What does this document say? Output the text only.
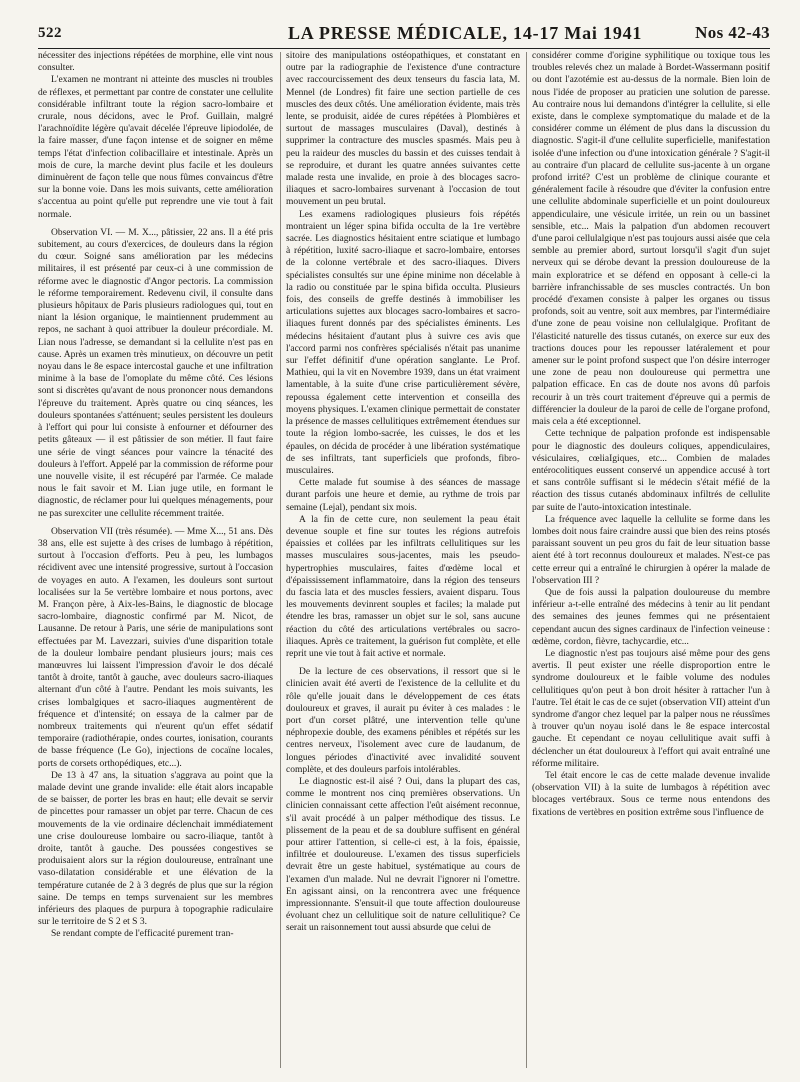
522	LA PRESSE MÉDICALE, 14-17 Mai 1941	Nos 42-43

nécessiter des injections répétées de morphine, elle vint nous consulter.

L'examen ne montrant ni atteinte des muscles ni troubles de réflexes, et permettant par contre de constater une cellulite considérable infiltrant toute la région sacro-lombaire et crurale, nous décidons, avec le Prof. Guillain, malgré l'arachnoïdite légère qu'avait décelée l'épreuve lipiodolée, de la faire masser, d'une façon intense et de soigner en même temps l'état d'infection colibacillaire et intestinale. Après un mois de cure, la marche devint plus facile et les douleurs diminuèrent de façon telle que nous fûmes convaincus d'être sur la bonne voie. Dans les mois suivants, cette amélioration s'accentua au point qu'elle put reprendre une vie tout à fait normale.

Observation VI. — M. X..., pâtissier, 22 ans. Il a été pris subitement, au cours d'exercices, de douleurs dans la région du cœur. Soigné sans amélioration par les médecins militaires, il est présenté par ceux-ci à une commission de réforme avec le diagnostic d'Angor pectoris. La commission le réforme temporairement. Redevenu civil, il consulte dans plusieurs hôpitaux de Paris plusieurs radiologues qui, tout en niant la lésion organique, le maintiennent prudemment au repos, ne sachant à quoi attribuer la douleur précordiale. M. Lian nous l'adresse, se demandant si la cellulite n'est pas en cause. Après un examen très minutieux, on découvre un petit noyau dans le 8e espace intercostal gauche et une infiltration minime à la base de l'omoplate du même côté. Ces lésions sont si discrètes qu'avant de nous prononcer nous demandons l'épreuve du traitement. Après quatre ou cinq séances, les douleurs spontanées s'atténuent; seules persistent les douleurs à l'effort qui pour lui consiste à enfourner et défourner des petits gâteaux — il est pâtissier de son métier. Il faut faire une série de vingt séances pour vaincre la ténacité des douleurs à l'effort. Appelé par la commission de réforme pour une nouvelle visite, il est récupéré par l'armée. Ce malade nous le fait savoir et M. Lian juge utile, en formant le diagnostic, de réclamer pour lui quelques ménagements, pour ne pas surexciter une cellulite récemment traitée.

Observation VII (très résumée). — Mme X..., 51 ans. Dès 38 ans, elle est sujette à des crises de lumbago à répétition, surtout à l'occasion d'efforts. Peu à peu, les lumbagos récidivent avec une intensité progressive, surtout à l'occasion de voyages en auto. A l'examen, les douleurs sont surtout localisées sur la 5e vertèbre lombaire et nous portons, avec M. Françon père, à Aix-les-Bains, le diagnostic de blocage sacro-lombaire, diagnostic confirmé par M. Nicot, de Lausanne. De retour à Paris, une série de manipulations sont effectuées par M. Lavezzari, suivies d'une disparition totale de la douleur lombaire pendant plusieurs jours; mais ces manœuvres lui laissent l'impression d'avoir le dos décalé tantôt à droite, tantôt à gauche, avec douleurs sacro-iliaques alternant d'un côté à l'autre. Pendant les mois suivants, les crises lombalgiques et sacro-iliaques augmentèrent de fréquence et d'intensité; on essaya de la calmer par de nombreux traitements qui n'eurent qu'un effet sédatif temporaire (radiothérapie, ondes courtes, ionisation, courants de basse fréquence (Le Go), injections de cocaïne locales, ports de corsets orthopédiques, etc...).

De 13 à 47 ans, la situation s'aggrava au point que la malade devint une grande invalide: elle était alors incapable de se baisser, de porter les bras en haut; elle devait se servir de pincettes pour ramasser un objet par terre. Chacun de ces mouvements de la vie ordinaire déclenchait immédiatement une crise douloureuse lombaire ou sacro-iliaque, tantôt à droite, tantôt à gauche. Des poussées congestives se produisaient alors sur la région douloureuse, entraînant une vaso-dilatation considérable et une élévation de la température cutanée de 2 à 3 degrés de plus que sur la région saine. De temps en temps survenaient sur les membres inférieurs des plaques de purpura à topographie radiculaire sur le territoire de S 2 et S 3.

Se rendant compte de l'efficacité purement tran-

sitoire des manipulations ostéopathiques, et constatant en outre par la radiographie de l'existence d'une contracture avec raccourcissement des deux tenseurs du fascia lata, M. Mennel (de Londres) fit faire une section partielle de ces muscles des deux côtés. Une amélioration évidente, mais très lente, se produisit, aidée de cures répétées à Plombières et surtout de massages musculaires (Daval), destinés à supprimer la contracture des muscles spasmés. Mais peu à peu la raideur des muscles du bassin et des cuisses tendait à se reproduire, et durant les quatre années suivantes cette malade resta une invalide, en proie à des blocages sacro-iliaques et sacro-lombaires survenant à l'occasion de tout mouvement un peu brutal.

Les examens radiologiques plusieurs fois répétés montraient un léger spina bifida occulta de la 1re vertèbre sacrée. Les diagnostics hésitaient entre sciatique et lumbago à répétition, luxité sacro-iliaque et sacro-lombaire, entorses de la colonne vertébrale et des sacro-iliaques. Divers spécialistes consultés sur une épine minime non décelable à la radio ou constituée par le spina bifida occulta. Plusieurs fois, des conseils de greffe destinés à immobiliser les articulations sujettes aux blocages sacro-lombaires et sacro-iliaques furent donnés par des spécialistes éminents. Les médecins hésitaient d'autant plus à suivre ces avis que l'accord parmi nos confrères spécialisés n'était pas unanime sur l'effet définitif d'une opération sanglante. Le Prof. Mathieu, qui la vit en Novembre 1939, dans un état vraiment lamentable, à la suite d'une crise particulièrement sévère, repoussa également cette intervention et conseilla des moyens physiques. L'examen clinique permettait de constater la présence de masses cellulitiques extrêmement étendues sur toute la région lombo-sacrée, les cuisses, le dos et les épaules, on décida de procéder à une libération systématique de ses infiltrats, tant superficiels que profonds, fibro-musculaires.

Cette malade fut soumise à des séances de massage durant parfois une heure et demie, au rythme de trois par semaine (Lejal), pendant six mois.

A la fin de cette cure, non seulement la peau était devenue souple et fine sur toutes les régions autrefois épaissies et collées par les infiltrats cellulitiques sur les masses musculaires sous-jacentes, mais les pseudo-hypertrophies musculaires, faites d'œdème local et d'épaississement inflammatoire, dans la région des tenseurs du fascia lata et des muscles fessiers, avaient disparu. Tous les mouvements devinrent souples et faciles; la malade put étendre les bras, ramasser un objet sur le sol, sans aucune réaction du côté des articulations vertébrales ou sacro-iliaques. Après ce traitement, la guérison fut complète, et elle reprit une vie tout à fait active et normale.

De la lecture de ces observations, il ressort que si le clinicien avait été averti de l'existence de la cellulite et du rôle qu'elle jouait dans le développement de ces états douloureux et graves, il aurait pu éviter à ces malades : le port d'un corset plâtré, une intervention telle qu'une néphropexie double, des examens pénibles et répétés sur les centres nerveux, l'isolement avec cure de laudanum, de longues périodes d'inactivité avec invalidité souvent complète, et des douleurs parfois intolérables.

Le diagnostic est-il aisé ? Oui, dans la plupart des cas, comme le montrent nos cinq premières observations. Un clinicien connaissant cette affection l'eût aisément reconnue, s'il avait procédé à un palper méthodique des tissus. Le plissement de la peau et de sa doublure suffisent en général pour attirer l'attention, si celle-ci est, à la fois, épaissie, infiltrée et douloureuse. L'examen des tissus superficiels devrait être un geste habituel, systématique au cours de l'examen d'un malade. Nul ne devrait l'ignorer ni l'omettre. En agissant ainsi, on la rencontrera avec une fréquence impressionnante. S'ensuit-il que toute affection douloureuse évoluant chez un cellulitique soit de nature cellulitique? Ce serait un raisonnement tout aussi absurde que celui de

considérer comme d'origine syphilitique ou toxique tous les troubles relevés chez un malade à Bordet-Wassermann positif ou dont l'azotémie est au-dessus de la normale. Bien loin de nous l'idée de proposer au praticien une solution de paresse. Au contraire nous lui demandons d'intégrer la cellulite, si elle existe, dans le complexe symptomatique du malade et de la considérer comme un élément de plus dans la discussion du diagnostic. S'agit-il d'une cellulite superficielle, manifestation isolée d'une infection ou d'une intoxication générale ? S'agit-il au contraire d'un placard de cellulite sus-jacente à un organe profond irrité? C'est un problème de clinique courante et généralement facile à résoudre que d'éviter la confusion entre une cellulite abdominale superficielle et un point douloureux appendiculaire, une vésicule irritée, un rein ou un bassinet sensible, etc... Mais la palpation d'un abdomen recouvert d'une paroi cellulalgique n'est pas toujours aussi aisée que cela semble au premier abord, surtout lorsqu'il s'agit d'un sujet nerveux qui se dérobe devant la pression douloureuse de la main exploratrice et se défend en opposant à celle-ci la barrière infranchissable de ses muscles contractés. Un bon procédé d'examen consiste à palper les organes ou tissus profonds, soit au ventre, soit aux membres, par l'intermédiaire d'une zone de peau voisine non cellulalgique. Profitant de l'élasticité naturelle des tissus cutanés, on exerce sur eux des tractions douces pour les repousser latéralement et pour amener sur le point profond suspect que l'on désire interroger une zone de peau non douloureuse qui permettra une palpation efficace. En cas de doute nos avons dû parfois recourir à un très court traitement d'épreuve qui a permis de différencier la douleur de la paroi de celle de l'organe profond, mais cela a été exceptionnel.

Cette technique de palpation profonde est indispensable pour le diagnostic des douleurs coliques, appendiculaires, vésiculaires, cœliaIgiques, etc... Combien de malades entérocolitiques eussent conservé un appendice accusé à tort et sans contrôle suffisant si le médecin s'était méfié de la réaction des tissus cutanés abdominaux infiltrés de cellulite par suite de l'auto-intoxication intestinale.

La fréquence avec laquelle la cellulite se forme dans les lombes doit nous faire craindre aussi que bien des reins ptosés paraissant souvent un peu gros du fait de leur situation basse aient été à tort reconnus douloureux et malades. N'est-ce pas cette erreur qui a entraîné le chirurgien à opérer la malade de l'observation III ?

Que de fois aussi la palpation douloureuse du membre inférieur a-t-elle entraîné des médecins à tenir au lit pendant des semaines des jeunes femmes qui ne présentaient cependant aucun des signes cardinaux de l'infection veineuse : œdème, cordon, fièvre, tachycardie, etc...

Le diagnostic n'est pas toujours aisé même pour des gens avertis. Il peut exister une réelle disproportion entre le syndrome douloureux et le faible volume des nodules cellulitiques qu'on peut à bon droit hésiter à rattacher l'un à l'autre. Tel était le cas de ce sujet (observation VII) atteint d'un syndrome d'angor chez lequel par la palper nous ne réussîmes à trouver qu'un noyau isolé dans le 8e espace intercostal gauche. Et cependant ce noyau cellulitique avait suffi à déclencher un état douloureux à l'effort qui avait entraîné une réforme militaire.

Tel était encore le cas de cette malade devenue invalide (observation VII) à la suite de lumbagos à répétition avec blocages vertébraux. Sous ce terme nous entendons des fixations de vertèbres en position extrême sous l'influence de
